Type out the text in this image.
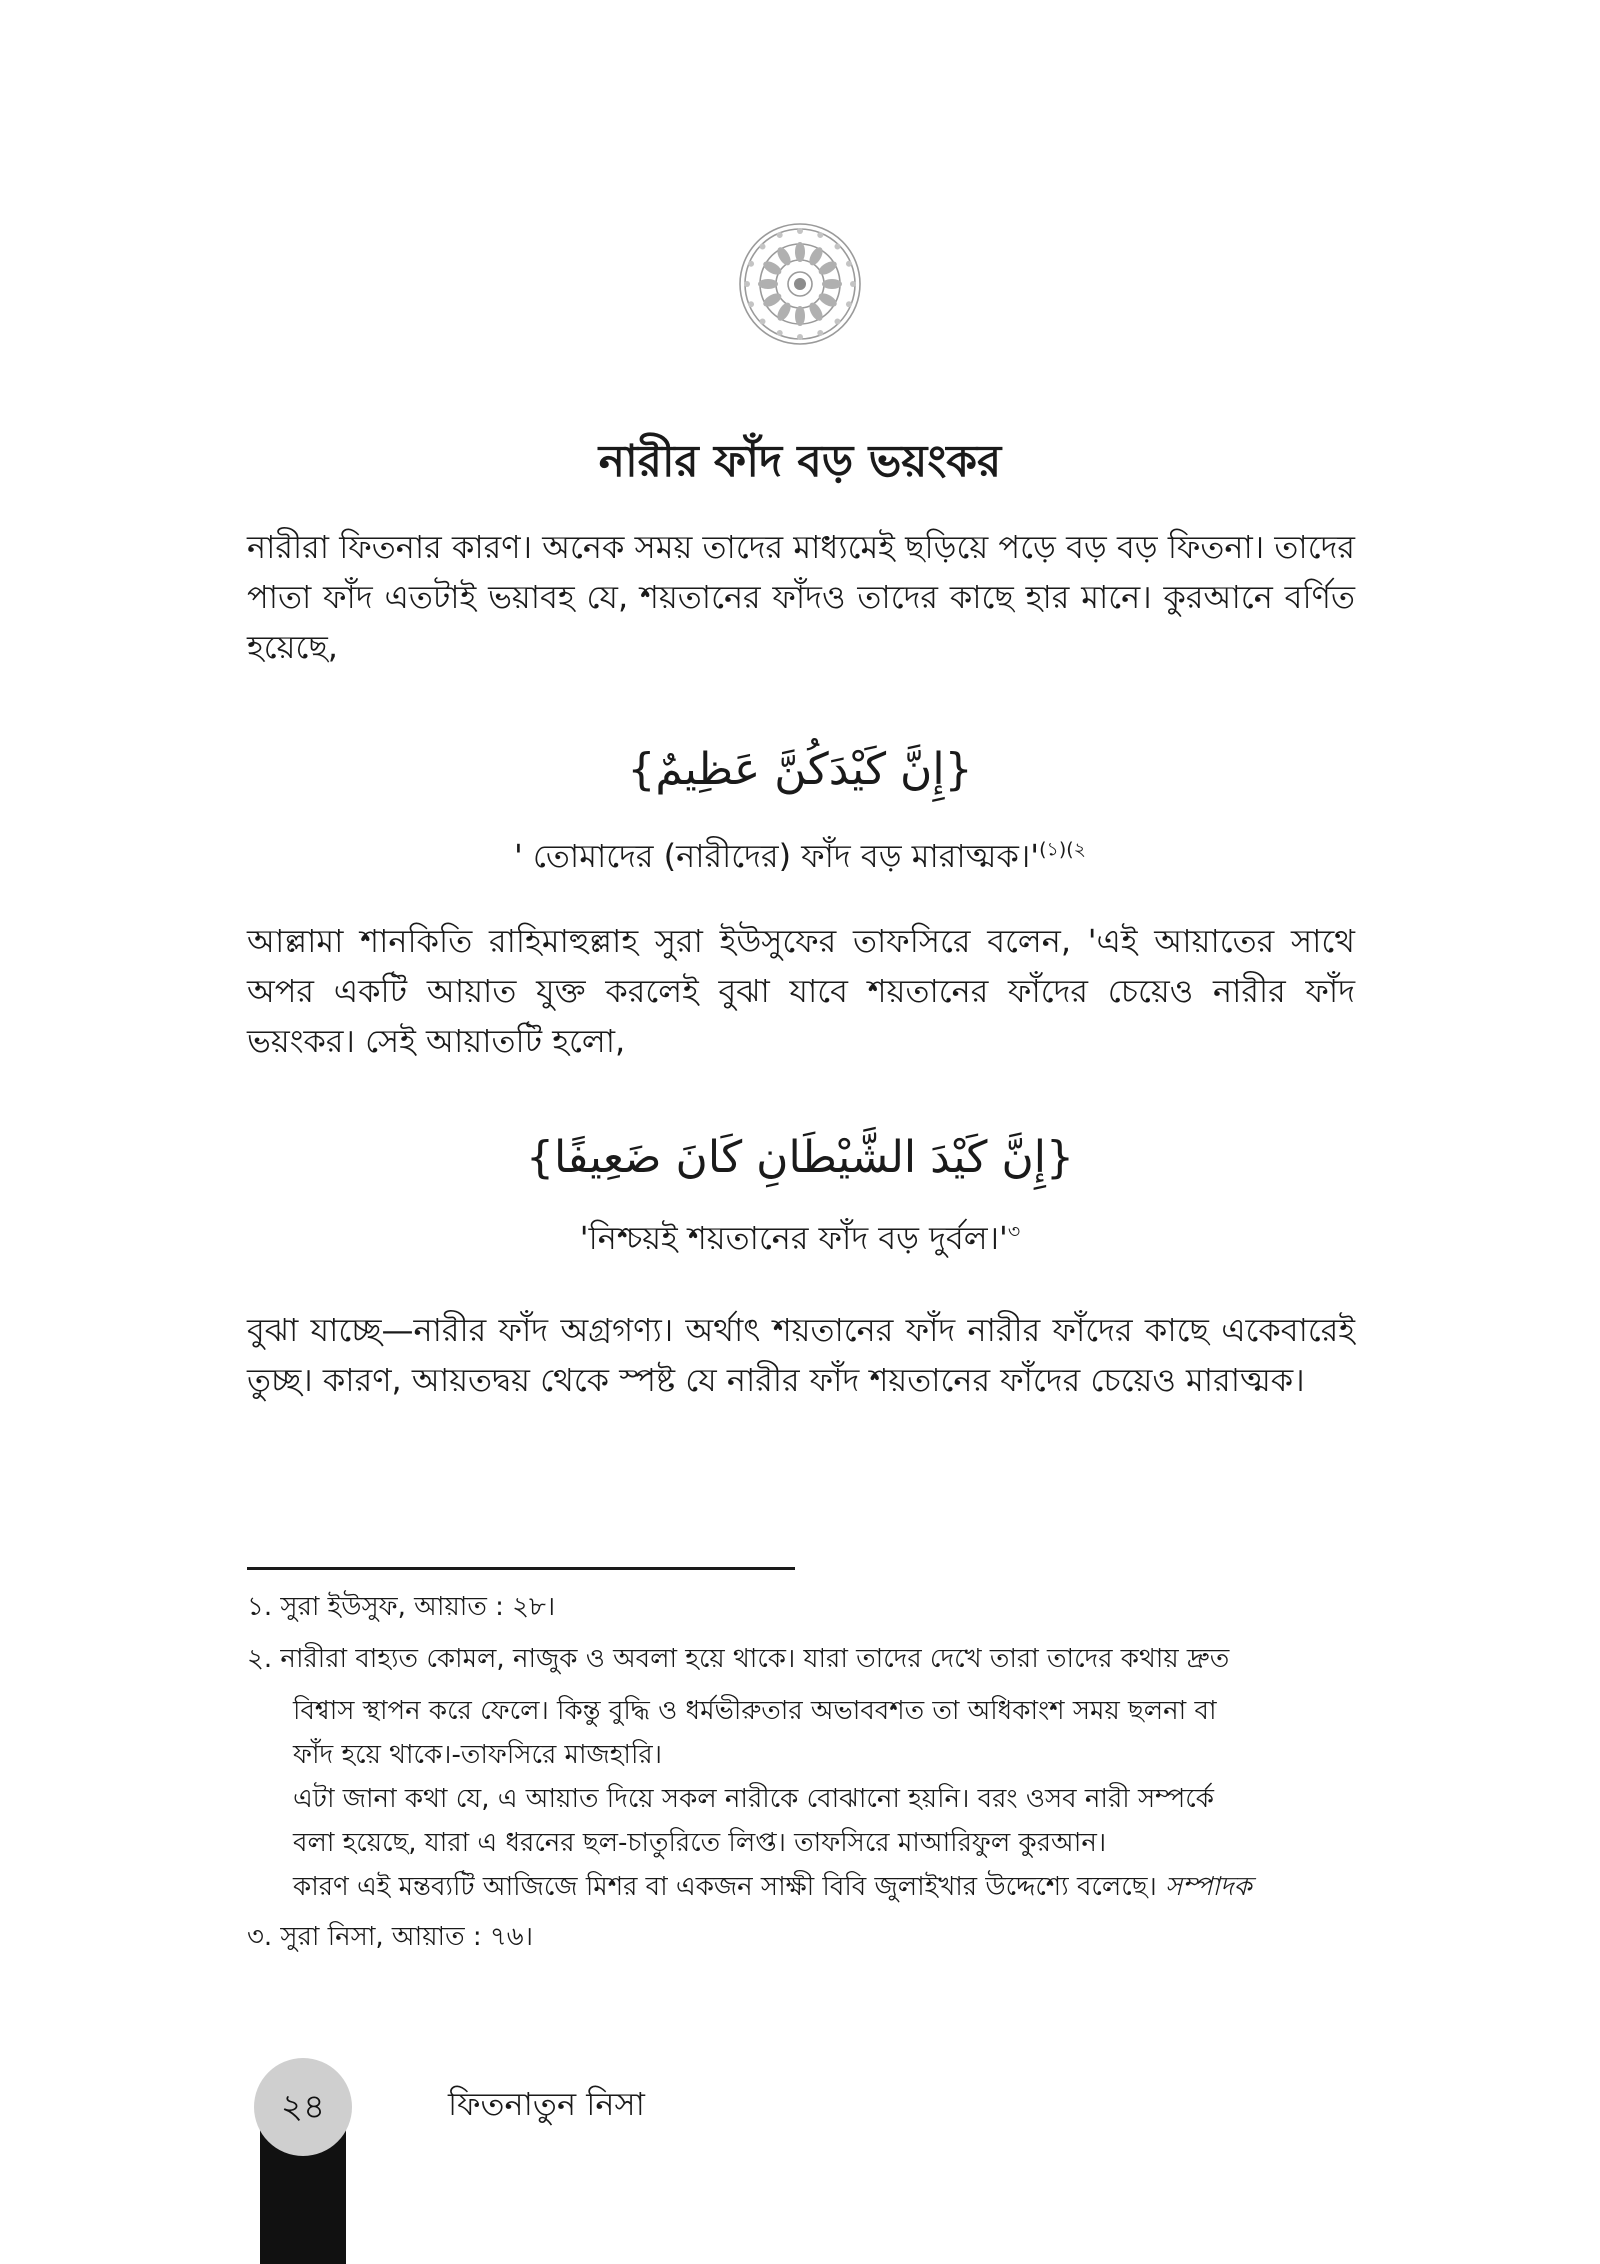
নারীর ফাঁদ বড় ভয়ংকর

নারীরা ফিতনার কারণ। অনেক সময় তাদের মাধ্যমেই ছড়িয়ে পড়ে বড় বড় ফিতনা। তাদের পাতা ফাঁদ এতটাই ভয়াবহ যে, শয়তানের ফাঁদও তাদের কাছে হার মানে। কুরআনে বর্ণিত হয়েছে,

{إِنَّ كَيْدَكُنَّ عَظِيمٌ}

' তোমাদের (নারীদের) ফাঁদ বড় $মারাত্মক।'^{(১)(২}$

আল্লামা শানকিতি রাহিমাহুল্লাহ সুরা ইউসুফের তাফসিরে বলেন, 'এই আয়াতের সাথে অপর একটি আয়াত যুক্ত করলেই বুঝা যাবে শয়তানের ফাঁদের চেয়েও নারীর ফাঁদ ভয়ংকর। সেই আয়াতটি হলো,

{إِنَّ كَيْدَ الشَّيْطَانِ كَانَ ضَعِيفًا}

'নিশ্চয়ই শয়তানের ফাঁদ বড় $দুর্বল।'^৩$

বুঝা যাচ্ছে—নারীর ফাঁদ অগ্রগণ্য। অর্থাৎ শয়তানের ফাঁদ নারীর ফাঁদের কাছে একেবারেই তুচ্ছ। কারণ, আয়তদ্বয় থেকে স্পষ্ট যে নারীর ফাঁদ শয়তানের ফাঁদের চেয়েও মারাত্মক।

১. সুরা ইউসুফ, আয়াত : ২৮।

২. নারীরা বাহ্যত কোমল, নাজুক ও অবলা হয়ে থাকে। যারা তাদের দেখে তারা তাদের কথায় দ্রুত

বিশ্বাস স্থাপন করে ফেলে। কিন্তু বুদ্ধি ও ধর্মভীরুতার অভাববশত তা অধিকাংশ সময় ছলনা বা

ফাঁদ হয়ে থাকে।-তাফসিরে মাজহারি।

এটা জানা কথা যে, এ আয়াত দিয়ে সকল নারীকে বোঝানো হয়নি। বরং ওসব নারী সম্পর্কে

বলা হয়েছে, যারা এ ধরনের ছল-চাতুরিতে লিপ্ত। তাফসিরে মাআরিফুল কুরআন।

কারণ এই মন্তব্যটি আজিজে মিশর বা একজন সাক্ষী বিবি জুলাইখার উদ্দেশ্যে বলেছে। সম্পাদক

৩. সুরা নিসা, আয়াত : ৭৬।

২৪	ফিতনাতুন নিসা
